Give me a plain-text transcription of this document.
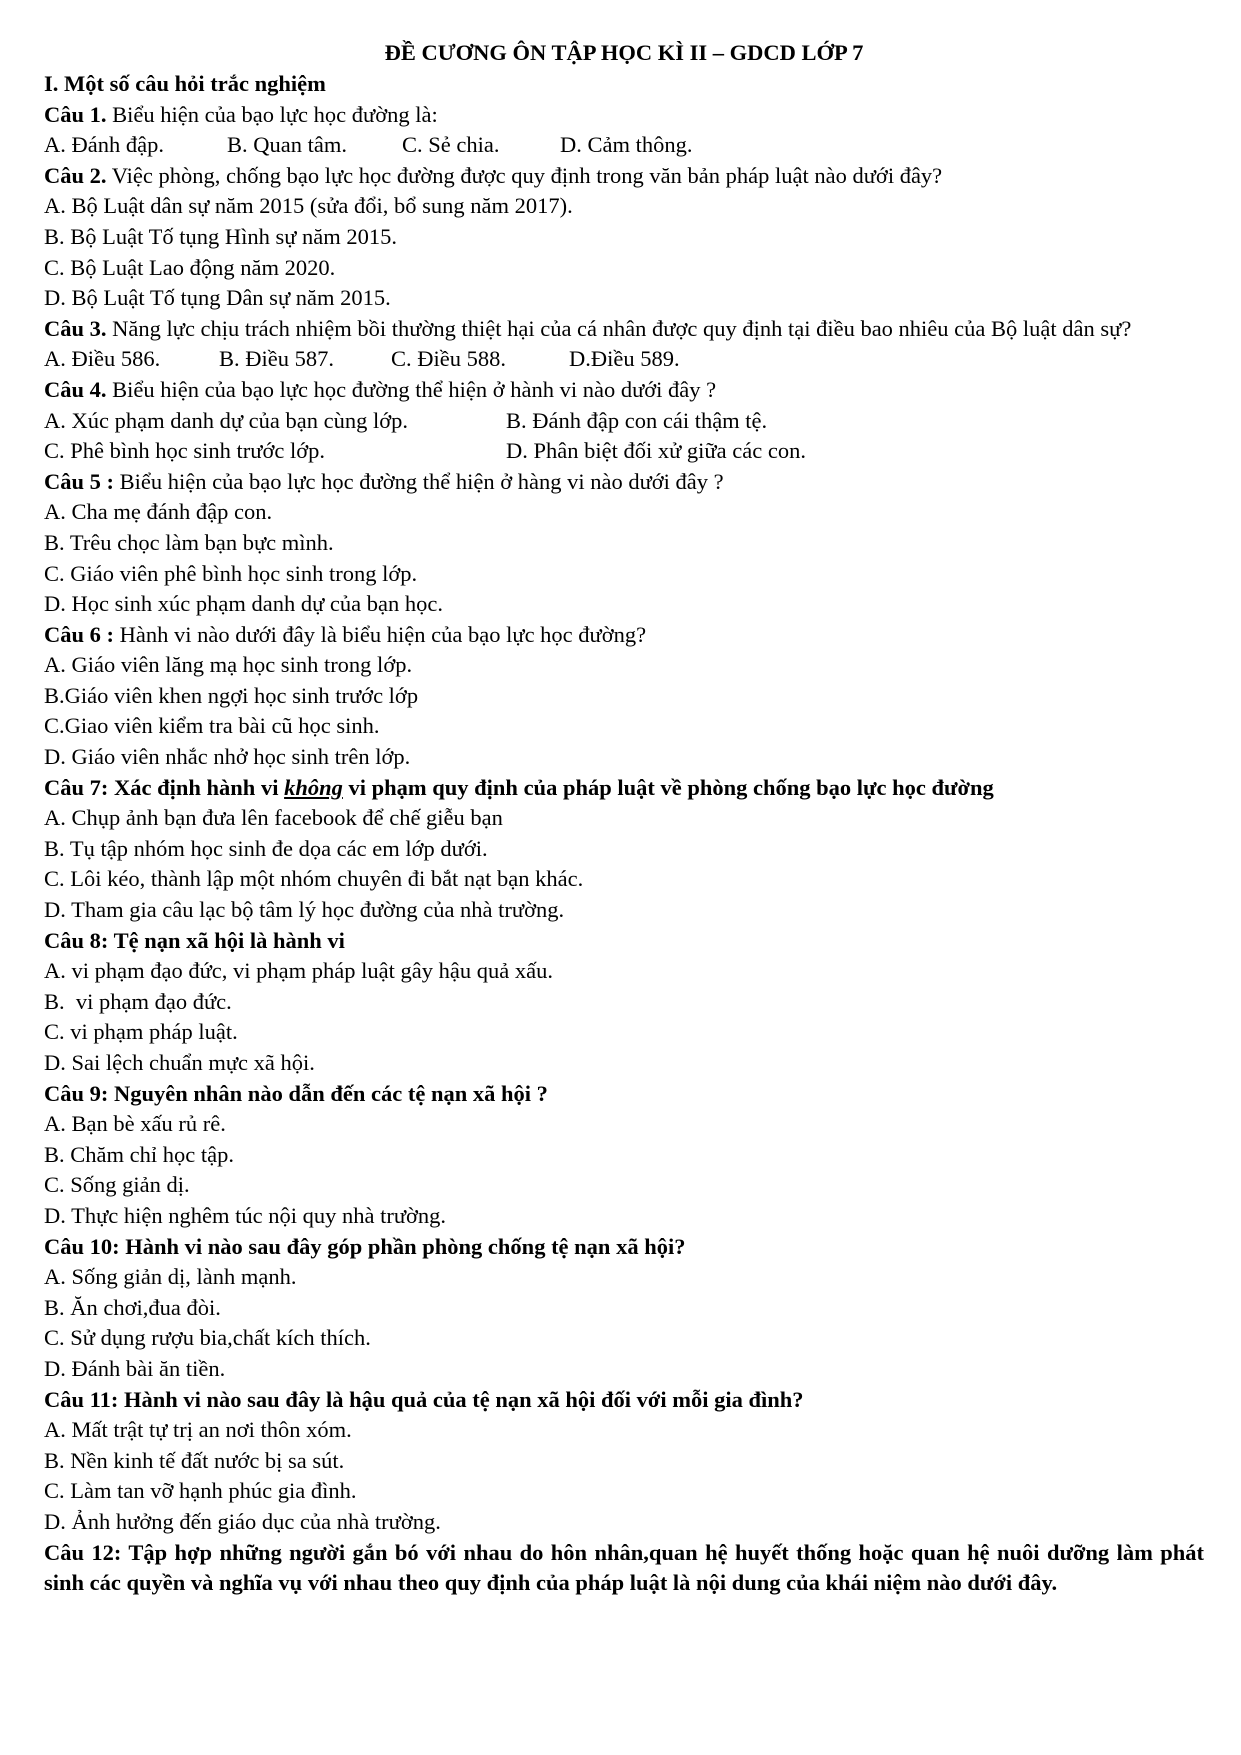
ĐỀ CƯƠNG ÔN TẬP HỌC KÌ II – GDCD LỚP 7
I. Một số câu hỏi trắc nghiệm
Câu 1. Biểu hiện của bạo lực học đường là:
A. Đánh đập.	B. Quan tâm. C. Sẻ chia.	D. Cảm thông.
Câu 2. Việc phòng, chống bạo lực học đường được quy định trong văn bản pháp luật nào dưới đây?
A. Bộ Luật dân sự năm 2015 (sửa đổi, bổ sung năm 2017).
B. Bộ Luật Tố tụng Hình sự năm 2015.
C. Bộ Luật Lao động năm 2020.
D. Bộ Luật Tố tụng Dân sự năm 2015.
Câu 3. Năng lực chịu trách nhiệm bồi thường thiệt hại của cá nhân được quy định tại điều bao nhiêu của Bộ luật dân sự?
A. Điều 586.	B. Điều 587.	C. Điều 588.	D.Điều 589.
Câu 4. Biểu hiện của bạo lực học đường thể hiện ở hành vi nào dưới đây ?
A. Xúc phạm danh dự của bạn cùng lớp.	B. Đánh đập con cái thậm tệ.
C. Phê bình học sinh trước lớp.	D. Phân biệt đối xử giữa các con.
Câu 5 : Biểu hiện của bạo lực học đường thể hiện ở hàng vi nào dưới đây ?
A. Cha mẹ đánh đập con.
B. Trêu chọc làm bạn bực mình.
C. Giáo viên phê bình học sinh trong lớp.
D. Học sinh xúc phạm danh dự của bạn học.
Câu 6 : Hành vi nào dưới đây là biểu hiện của bạo lực học đường?
A. Giáo viên lăng mạ học sinh trong lớp.
B.Giáo viên khen ngợi học sinh trước lớp
C.Giao viên kiểm tra bài cũ học sinh.
D. Giáo viên nhắc nhở học sinh trên lớp.
Câu 7: Xác định hành vi không vi phạm quy định của pháp luật về phòng chống bạo lực học đường
A. Chụp ảnh bạn đưa lên facebook để chế giễu bạn
B. Tụ tập nhóm học sinh đe dọa các em lớp dưới.
C. Lôi kéo, thành lập một nhóm chuyên đi bắt nạt bạn khác.
D. Tham gia câu lạc bộ tâm lý học đường của nhà trường.
Câu 8: Tệ nạn xã hội là hành vi
A. vi phạm đạo đức, vi phạm pháp luật gây hậu quả xấu.
B.  vi phạm đạo đức.
C. vi phạm pháp luật.
D. Sai lệch chuẩn mực xã hội.
Câu 9: Nguyên nhân nào dẫn đến các tệ nạn xã hội ?
A. Bạn bè xấu rủ rê.
B. Chăm chỉ học tập.
C. Sống giản dị.
D. Thực hiện nghêm túc nội quy nhà trường.
Câu 10: Hành vi nào sau đây góp phần phòng chống tệ nạn xã hội?
A. Sống giản dị, lành mạnh.
B. Ăn chơi,đua đòi.
C. Sử dụng rượu bia,chất kích thích.
D. Đánh bài ăn tiền.
Câu 11: Hành vi nào sau đây là hậu quả của tệ nạn xã hội đối với mỗi gia đình?
A. Mất trật tự trị an nơi thôn xóm.
B. Nền kinh tế đất nước bị sa sút.
C. Làm tan vỡ hạnh phúc gia đình.
D. Ảnh hưởng đến giáo dục của nhà trường.
Câu 12: Tập hợp những người gắn bó với nhau do hôn nhân,quan hệ huyết thống hoặc quan hệ nuôi dưỡng làm phát sinh các quyền và nghĩa vụ với nhau theo quy định của pháp luật là nội dung của khái niệm nào dưới đây.
